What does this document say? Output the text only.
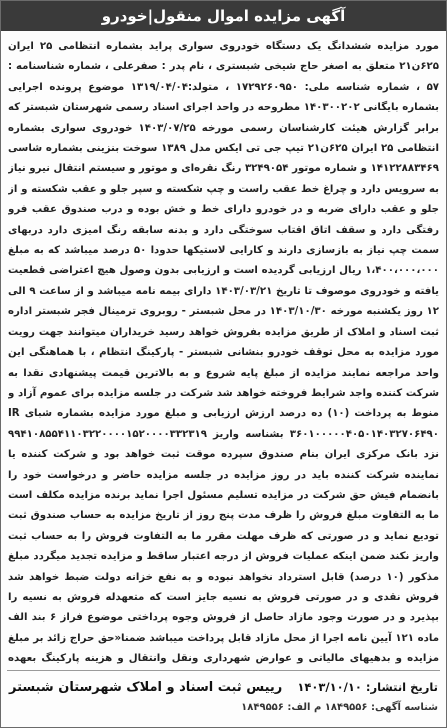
آگهی مزایده اموال منقول|خودرو
مورد مزایده ششدانگ یک دستگاه خودروی سواری پراید بشماره انتظامی ۲۵ ایران ۶۲۵ن۲۱ متعلق به اصغر حاج شیخی شبستری ، نام پدر : صفرعلی ، شماره شناسنامه : ۵۷ ، شماره شناسه ملی: ۱۷۲۹۲۶۰۹۵۰ ، متولد:۱۳۱۹/۰۴/۰۴ موضوع پرونده اجرایی بشماره بایگانی ۱۴۰۳۰۰۲۰۲ مطروحه در واحد اجرای اسناد رسمی شهرستان شبستر که برابر گزارش هیئت کارشناسان رسمی مورخه ۱۴۰۳/۰۷/۲۵ خودروی سواری بشماره انتظامی ۲۵ ایران ۶۲۵ن۲۱ تیپ جی تی ایکس مدل ۱۳۸۹ سوخت بنزینی بشماره شاسی ۱۴۱۲۲۸۸۳۴۶۹ و شماره موتور ۳۲۴۹۰۵۴ رنگ نقره‌ای و موتور و سیستم انتقال نیرو نیاز به سرویس دارد و چراغ خط عقب راست و چپ شکسته و سپر جلو و عقب شکسته و از جلو و عقب دارای ضربه و در خودرو دارای خط و خش بوده و درب صندوق عقب فرو رفتگی دارد و سقف اتاق اقتاب سوختگی دارد و بدنه سابقه رنگ امیزی دارد دربهای سمت چپ نیاز به بازسازی دارند و کارایی لاستیکها حدودا ۵۰ درصد میباشد که به مبلغ ۱،۴۰۰،۰۰۰،۰۰۰ ریال ارزیابی گردیده است و ارزیابی بدون وصول هیچ اعتراضی قطعیت یافته و خودروی موصوف تا تاریخ ۱۴۰۳/۰۳/۲۱ دارای بیمه نامه میباشد و از ساعت ۹ الی ۱۲ روز یکشنبه مورخه ۱۴۰۳/۱۰/۳۰ در محل شبستر - روبروی ترمینال فجر شبستر اداره ثبت اسناد و املاک از طریق مزایده بفروش خواهد رسید خریداران میتوانند جهت رویت مورد مزایده به محل توقف خودرو بنشانی شبستر - پارکینگ انتظام ، با هماهنگی این واحد مراجعه نمایند مزایده از مبلغ پایه شروع و به بالاترین قیمت پیشنهادی نقدا به شرکت کننده واجد شرایط فروخته خواهد شد شرکت در جلسه مزایده برای عموم آزاد و منوط به پرداخت (۱۰) ده درصد ارزش ارزیابی و مبلغ مورد مزایده بشماره شبای IR ۳۶۰۱۰۰۰۰۰۴۰۵۰۱۴۰۳۲۷۰۶۴۹۰ بشناسه واریز ۹۹۴۱۰۸۵۵۴۱۱۰۳۲۲۰۰۰۰۱۵۲۰۰۰۰۳۳۲۳۱۹ نزد بانک مرکزی ایران بنام صندوق سپرده موقت ثبت خواهد بود و شرکت کننده یا نماینده شرکت کننده باید در روز مزایده در جلسه مزایده حاضر و درخواست خود را بانضمام فیش حق شرکت در مزایده تسلیم مسئول اجرا نماید برنده مزایده مکلف است ما به التفاوت مبلغ فروش را ظرف مدت پنج روز از تاریخ مزایده به حساب صندوق ثبت تودیع نماید و در صورتی که ظرف مهلت مقرر ما به التفاوت فروش را به حساب ثبت واریز نکند ضمن اینکه عملیات فروش از درجه اعتبار ساقط و مزایده تجدید میگردد مبلغ مذکور (۱۰ درصد) قابل استرداد نخواهد نبوده و به نفع خزانه دولت ضبط خواهد شد فروش نقدی و در صورتی فروش به نسیه جایز است که متعهدله فروش به نسیه را بپذیرد و در صورت وجود مازاد حاصل از فروش وجوه پرداختی موضوع فراز ۶ بند الف ماده ۱۲۱ آیین نامه اجرا از محل مازاد قابل پرداخت میباشد ضمنا«حق حراج زائد بر مبلغ مزایده و بدهیهای مالیاتی و عوارض شهرداری ونقل وانتقال و هزینه پارکینگ بعهده
تاریخ انتشار: ۱۴۰۳/۱۰/۱۰
رییس ثبت اسناد و املاک شهرستان شبستر
شناسه آگهی: ۱۸۴۹۵۵۶ م الف: ۱۸۴۹۵۵۶
